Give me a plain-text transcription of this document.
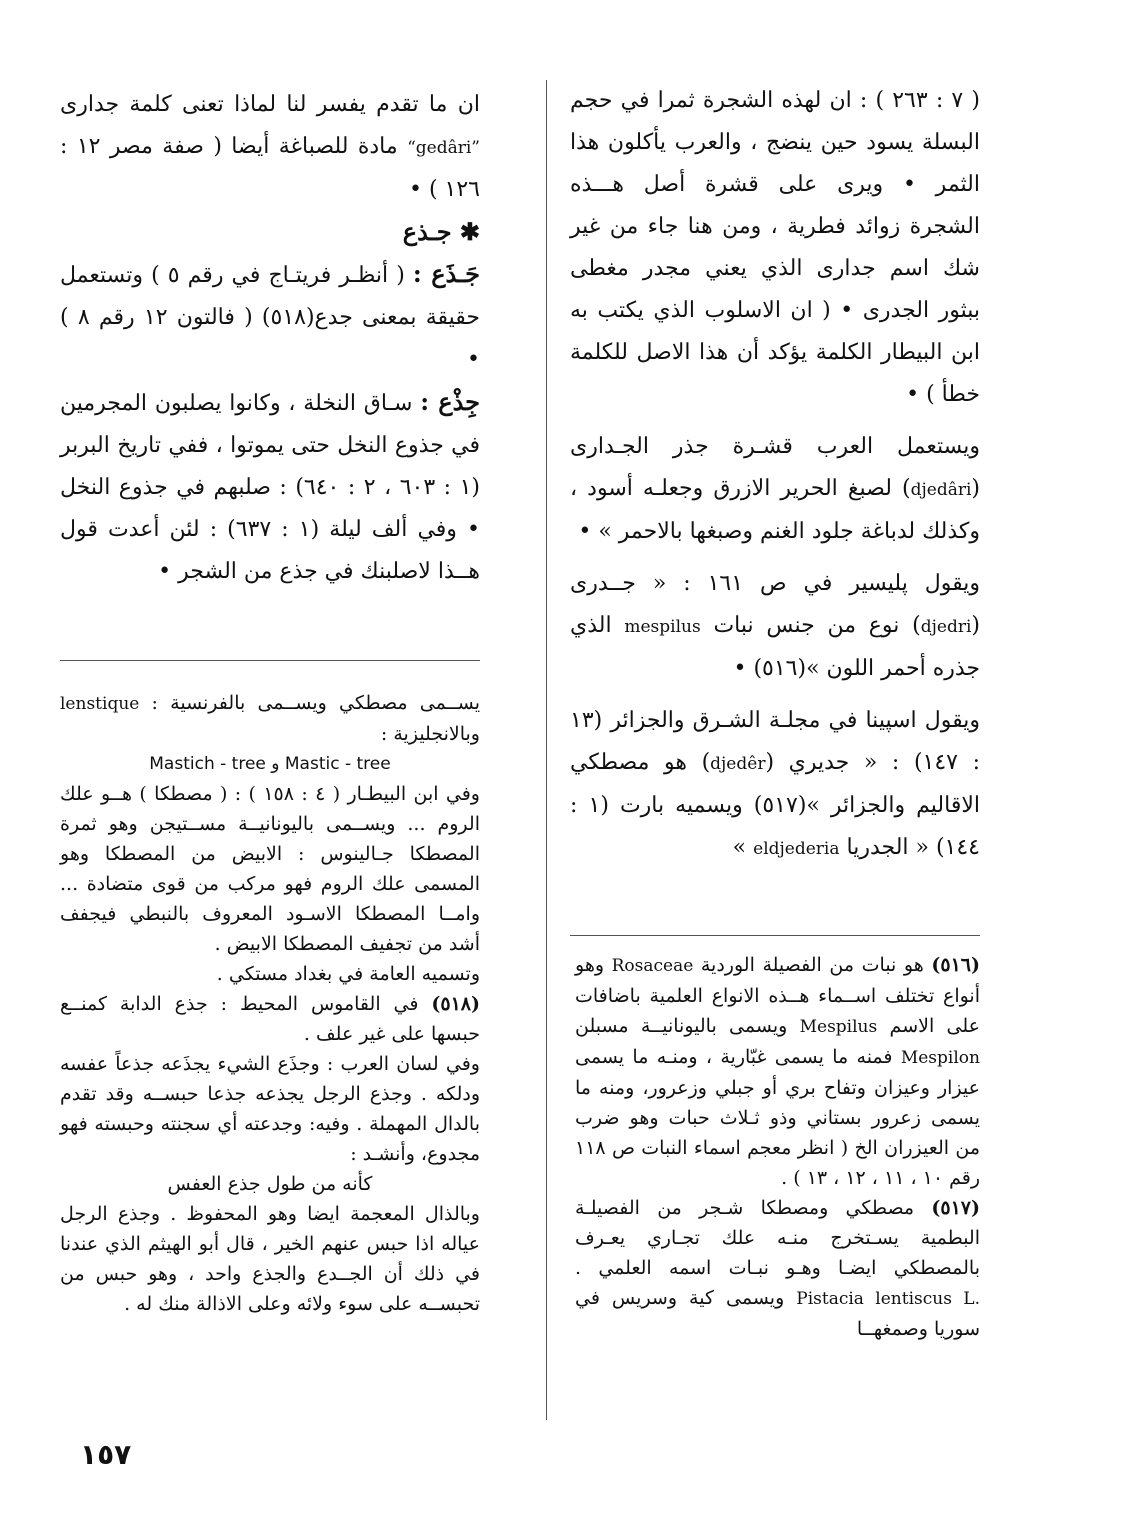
( ٧ : ٢٦٣ ) : ان لهذه الشجرة ثمرا في حجم البسلة يسود حين ينضج ، والعرب يأكلون هذا الثمر • ويرى على قشرة أصل هـــذه الشجرة زوائد فطرية ، ومن هنا جاء من غير شك اسم جدارى الذي يعني مجدر مغطى ببثور الجدرى • ( ان الاسلوب الذي يكتب به ابن البيطار الكلمة يؤكد أن هذا الاصل للكلمة خطأ ) •

ويستعمل العرب قشـرة جذر الجـدارى (djedâri) لصبغ الحرير الازرق وجعلـه أسود ، وكذلك لدباغة جلود الغنم وصبغها بالاحمر » •

ويقول پليسير في ص ١٦١ : « جــدرى (djedri) نوع من جنس نبات mespilus الذي جذره أحمر اللون »(٥١٦) •

ويقول اسپينا في مجلـة الشـرق والجزائر (١٣ : ١٤٧) : « جديري (djedêr) هو مصطكي الاقاليم والجزائر »(٥١٧) ويسميه بارت (١ : ١٤٤) « الجدريا eldjederia »

ان ما تقدم يفسر لنا لماذا تعنى كلمة جدارى “gedâri” مادة للصباغة أيضا ( صفة مصر ١٢ : ١٢٦ ) •

✱ جـذع

جَـذَع : ( أنظـر فريتـاج في رقم ٥ ) وتستعمل حقيقة بمعنى جدع(٥١٨) ( فالتون ١٢ رقم ٨ ) •

جِذْع : سـاق النخلة ، وكانوا يصلبون المجرمين في جذوع النخل حتى يموتوا ، ففي تاريخ البربر (١ : ٦٠٣ ، ٢ : ٦٤٠) : صلبهم في جذوع النخل • وفي ألف ليلة (١ : ٦٣٧) : لئن أعدت قول هــذا لاصلبنك في جذع من الشجر •

يســمى مصطكي ويســمى بالفرنسية : lenstique وبالانجليزية :

Mastich - tree و Mastic - tree

وفي ابن البيطـار ( ٤ : ١٥٨ ) : ( مصطكا ) هــو علك الروم ... ويســمى باليونانيــة مســتيجن وهو ثمرة المصطكا جـالينوس : الابيض من المصطكا وهو المسمى علك الروم فهو مركب من قوى متضادة ... وامــا المصطكا الاسـود المعروف بالنبطي فيجفف أشد من تجفيف المصطكا الابيض .

وتسميه العامة في بغداد مستكي .

(٥١٨) في القاموس المحيط : جذع الدابة كمنــع حبسها على غير علف .

وفي لسان العرب : وجذَع الشيء يجذَعه جذعاً عفسه ودلكه . وجذع الرجل يجذعه جذعا حبســه وقد تقدم بالدال المهملة . وفيه: وجدعته أي سجنته وحبسته فهو مجدوع، وأنشـد :

كأنه من طول جذع العفس

وبالذال المعجمة ايضا وهو المحفوظ . وجذع الرجل عياله اذا حبس عنهم الخير ، قال أبو الهيثم الذي عندنا في ذلك أن الجــدع والجذع واحد ، وهو حبس من تحبســه على سوء ولائه وعلى الاذالة منك له .

(٥١٦) هو نبات من الفصيلة الوردية Rosaceae وهو أنواع تختلف اســماء هــذه الانواع العلمية باضافات على الاسم Mespilus ويسمى باليونانيــة مسبلن Mespilon فمنه ما يسمى غبّارية ، ومنـه ما يسمى عيزار وعيزان وتفاح بري أو جبلي وزعرور، ومنه ما يسمى زعرور بستاني وذو ثـلاث حبات وهو ضرب من العيزران الخ ( انظر معجم اسماء النبات ص ١١٨ رقم ١٠ ، ١١ ، ١٢ ، ١٣ ) .

(٥١٧) مصطكي ومصطكا شـجر من الفصيلـة البطمية يسـتخرج منـه علك تجـاري يعـرف بالمصطكي ايضـا وهـو نبـات اسمه العلمي . Pistacia lentiscus L. ويسمى كية وسريس في سوريا وصمغهــا

١٥٧
